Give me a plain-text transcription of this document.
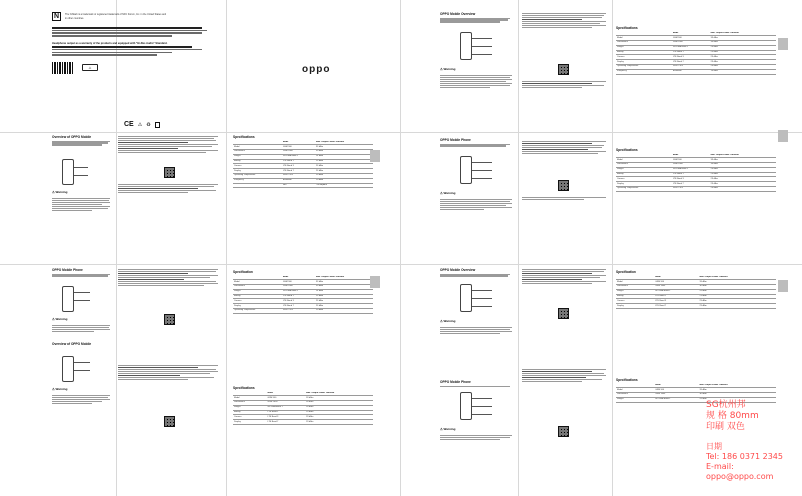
N The N-Mark is a trademark or registered trademark of NFC Forum, Inc. in the United States and
in other countries.
Headphone output as a warranty of the products and equipped with "Hi-Res Audio" Standard.
♺	oppo
CE ⚠ ♻
Overview of OPPO Mobile
⚠ Warning
Specifications
		Mode	Max. Output Power Transmit
Model		GSM 900	33 dBm
Dimensions		GSM 1800	30 dBm
Weight		WCDMA Band 1	24 dBm
Battery		LTE Band 1	23 dBm
Camera		LTE Band 3	23 dBm
Display		LTE Band 7	23 dBm
Operating Temperature		Wi-Fi 2.4G	20 dBm
Frequency		Bluetooth	10 dBm
		NFC	-10 dBμA/m
OPPO Mobile Overview
⚠ Warning
Specifications
		Mode	Max. Output Power Transmit
Model		GSM 900	33 dBm
Dimensions		GSM 1800	30 dBm
Weight		WCDMA Band 1	24 dBm
Battery		LTE Band 1	23 dBm
Camera		LTE Band 3	23 dBm
Display		LTE Band 7	23 dBm
Operating Temperature		Wi-Fi 2.4G	20 dBm
Frequency		Bluetooth	10 dBm
OPPO Mobile Phone
⚠ Warning
Specifications
		Mode	Max. Output Power Transmit
Model		GSM 900	33 dBm
Dimensions		GSM 1800	30 dBm
Weight		WCDMA Band 1	24 dBm
Battery		LTE Band 1	23 dBm
Camera		LTE Band 3	23 dBm
Display		LTE Band 7	23 dBm
Operating Temperature		Wi-Fi 2.4G	20 dBm
OPPO Mobile Phone
⚠ Warning
Overview of OPPO Mobile
⚠ Warning
Specification
		Mode	Max. Output Power Transmit
Model		GSM 900	33 dBm
Dimensions		GSM 1800	30 dBm
Weight		WCDMA Band 1	24 dBm
Battery		LTE Band 1	23 dBm
Camera		LTE Band 3	23 dBm
Display		LTE Band 7	23 dBm
Operating Temperature		Wi-Fi 2.4G	20 dBm
Specifications
		Mode	Max. Output Power Transmit
Model		GSM 900	33 dBm
Dimensions		GSM 1800	30 dBm
Weight		WCDMA Band 1	24 dBm
Battery		LTE Band 1	23 dBm
Camera		LTE Band 3	23 dBm
Display		LTE Band 7	23 dBm
OPPO Mobile Overview
⚠ Warning
OPPO Mobile Phone
⚠ Warning
Specification
		Mode	Max. Output Power Transmit
Model		GSM 900	33 dBm
Dimensions		GSM 1800	30 dBm
Weight		WCDMA Band 1	24 dBm
Battery		LTE Band 1	23 dBm
Camera		LTE Band 3	23 dBm
Display		LTE Band 7	23 dBm
Specifications
		Mode	Max. Output Power Transmit
Model		GSM 900	33 dBm
Dimensions		GSM 1800	30 dBm
Weight		WCDMA Band 1	24 dBm
SG杭州邦
规 格 80mm
印刷 双色
日期
Tel: 186 0371 2345
E-mail: oppo@oppo.com
